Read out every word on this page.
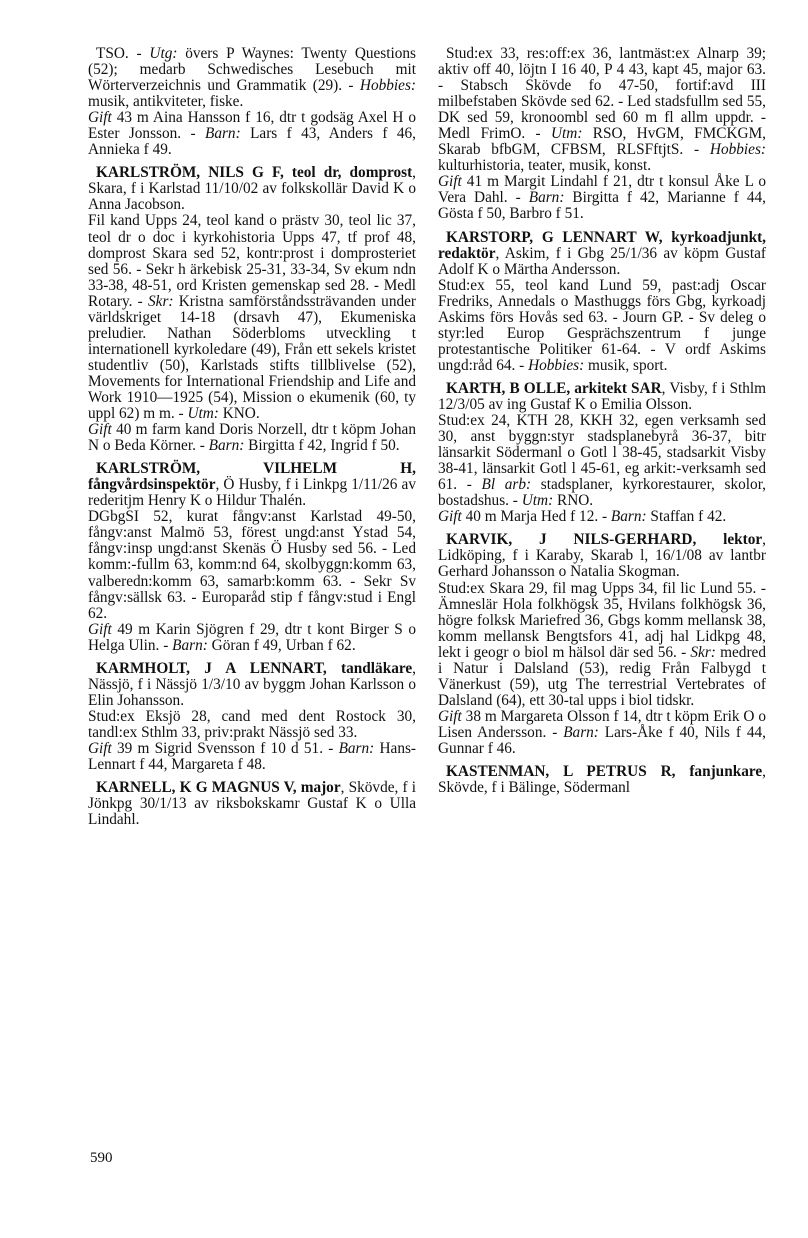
TSO. - Utg: övers P Waynes: Twenty Questions (52); medarb Schwedisches Lesebuch mit Wörterverzeichnis und Grammatik (29). - Hobbies: musik, antikviteter, fiske.

Gift 43 m Aina Hansson f 16, dtr t godsäg Axel H o Ester Jonsson. - Barn: Lars f 43, Anders f 46, Annieka f 49.

KARLSTRÖM, NILS G F, teol dr, domprost, Skara, f i Karlstad 11/10/02 av folkskollär David K o Anna Jacobson.

Fil kand Upps 24, teol kand o prästv 30, teol lic 37, teol dr o doc i kyrkohistoria Upps 47, tf prof 48, domprost Skara sed 52, kontr:prost i domprosteriet sed 56. - Sekr h ärkebisk 25-31, 33-34, Sv ekum ndn 33-38, 48-51, ord Kristen gemenskap sed 28. - Medl Rotary. - Skr: Kristna samförståndssträvanden under världskriget 14-18 (drsavh 47), Ekumeniska preludier. Nathan Söderbloms utveckling t internationell kyrkoledare (49), Från ett sekels kristet studentliv (50), Karlstads stifts tillblivelse (52), Movements for International Friendship and Life and Work 1910—1925 (54), Mission o ekumenik (60, ty uppl 62) m m. - Utm: KNO.

Gift 40 m farm kand Doris Norzell, dtr t köpm Johan N o Beda Körner. - Barn: Birgitta f 42, Ingrid f 50.

KARLSTRÖM, VILHELM H, fångvårdsinspektör, Ö Husby, f i Linkpg 1/11/26 av rederitjm Henry K o Hildur Thalén.

DGbgSI 52, kurat fångv:anst Karlstad 49-50, fångv:anst Malmö 53, förest ungd:anst Ystad 54, fångv:insp ungd:anst Skenäs Ö Husby sed 56. - Led komm:-fullm 63, komm:nd 64, skolbyggn:komm 63, valberedn:komm 63, samarb:komm 63. - Sekr Sv fångv:sällsk 63. - Europaråd stip f fångv:stud i Engl 62.

Gift 49 m Karin Sjögren f 29, dtr t kont Birger S o Helga Ulin. - Barn: Göran f 49, Urban f 62.

KARMHOLT, J A LENNART, tandläkare, Nässjö, f i Nässjö 1/3/10 av byggm Johan Karlsson o Elin Johansson.

Stud:ex Eksjö 28, cand med dent Rostock 30, tandl:ex Sthlm 33, priv:prakt Nässjö sed 33.

Gift 39 m Sigrid Svensson f 10 d 51. - Barn: Hans-Lennart f 44, Margareta f 48.

KARNELL, K G MAGNUS V, major, Skövde, f i Jönkpg 30/1/13 av riksbokskamr Gustaf K o Ulla Lindahl.

Stud:ex 33, res:off:ex 36, lantmäst:ex Alnarp 39; aktiv off 40, löjtn I 16 40, P 4 43, kapt 45, major 63. - Stabsch Skövde fo 47-50, fortif:avd III milbefstaben Skövde sed 62. - Led stadsfullm sed 55, DK sed 59, kronoombl sed 60 m fl allm uppdr. - Medl FrimO. - Utm: RSO, HvGM, FMCKGM, Skarab bfbGM, CFBSM, RLSFftjtS. - Hobbies: kulturhistoria, teater, musik, konst.

Gift 41 m Margit Lindahl f 21, dtr t konsul Åke L o Vera Dahl. - Barn: Birgitta f 42, Marianne f 44, Gösta f 50, Barbro f 51.

KARSTORP, G LENNART W, kyrkoadjunkt, redaktör, Askim, f i Gbg 25/1/36 av köpm Gustaf Adolf K o Märtha Andersson.

Stud:ex 55, teol kand Lund 59, past:adj Oscar Fredriks, Annedals o Masthuggs förs Gbg, kyrkoadj Askims förs Hovås sed 63. - Journ GP. - Sv deleg o styr:led Europ Gesprächszentrum f junge protestantische Politiker 61-64. - V ordf Askims ungd:råd 64. - Hobbies: musik, sport.

KARTH, B OLLE, arkitekt SAR, Visby, f i Sthlm 12/3/05 av ing Gustaf K o Emilia Olsson.

Stud:ex 24, KTH 28, KKH 32, egen verksamh sed 30, anst byggn:styr stadsplanebyrå 36-37, bitr länsarkit Södermanl o Gotl l 38-45, stadsarkit Visby 38-41, länsarkit Gotl l 45-61, eg arkit:-verksamh sed 61. - Bl arb: stadsplaner, kyrkorestaurer, skolor, bostadshus. - Utm: RNO.

Gift 40 m Marja Hed f 12. - Barn: Staffan f 42.

KARVIK, J NILS-GERHARD, lektor, Lidköping, f i Karaby, Skarab l, 16/1/08 av lantbr Gerhard Johansson o Natalia Skogman.

Stud:ex Skara 29, fil mag Upps 34, fil lic Lund 55. - Ämneslär Hola folkhögsk 35, Hvilans folkhögsk 36, högre folksk Mariefred 36, Gbgs komm mellansk 38, komm mellansk Bengtsfors 41, adj hal Lidkpg 48, lekt i geogr o biol m hälsol där sed 56. - Skr: medred i Natur i Dalsland (53), redig Från Falbygd t Vänerkust (59), utg The terrestrial Vertebrates of Dalsland (64), ett 30-tal upps i biol tidskr.

Gift 38 m Margareta Olsson f 14, dtr t köpm Erik O o Lisen Andersson. - Barn: Lars-Åke f 40, Nils f 44, Gunnar f 46.

KASTENMAN, L PETRUS R, fanjunkare, Skövde, f i Bälinge, Södermanl

590
